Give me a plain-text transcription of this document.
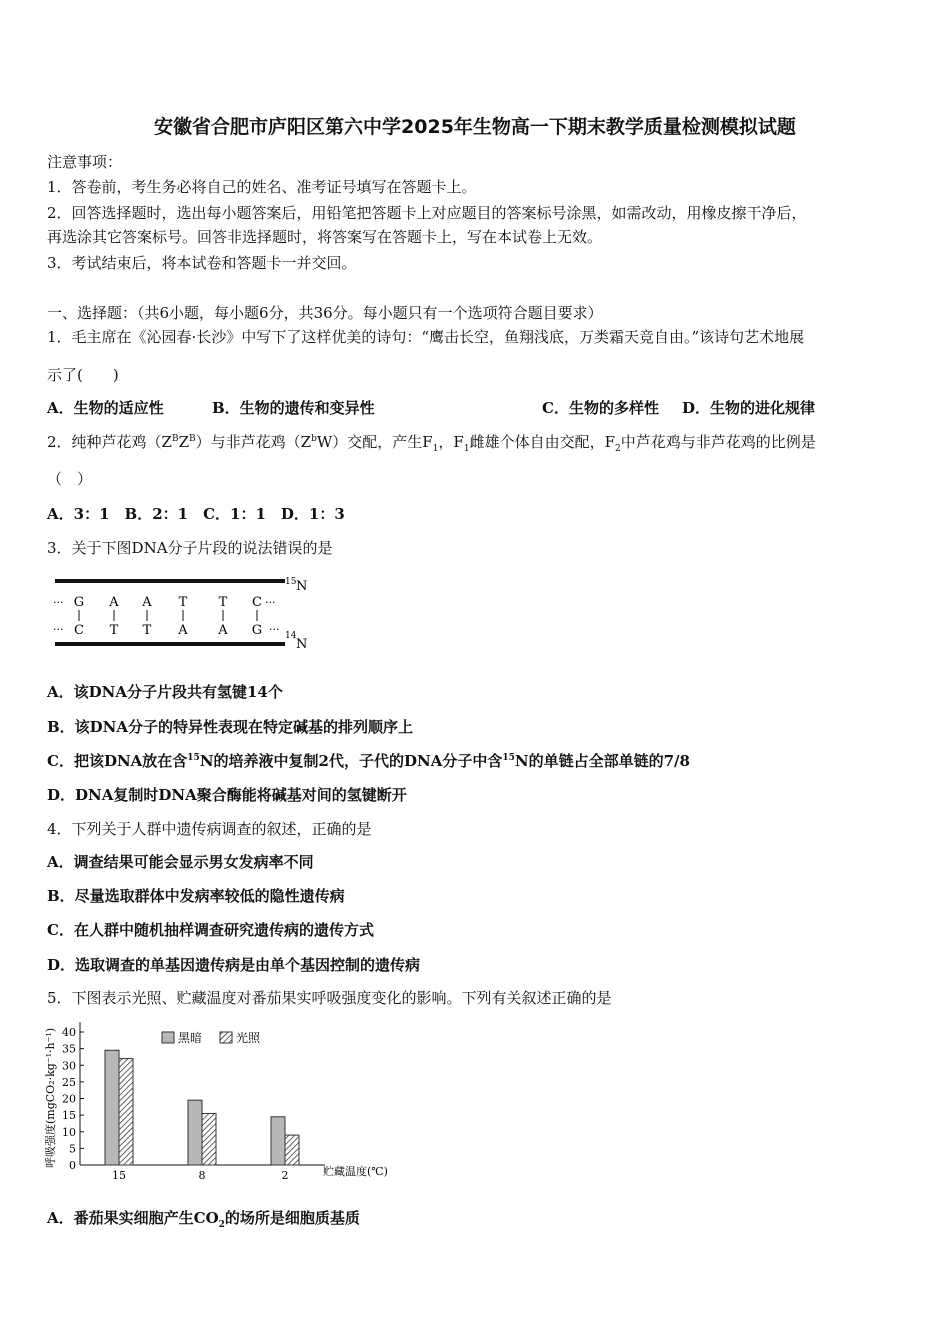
安徽省合肥市庐阳区第六中学2025年生物高一下期末教学质量检测模拟试题
注意事项：
1．答卷前，考生务必将自己的姓名、准考证号填写在答题卡上。
2．回答选择题时，选出每小题答案后，用铅笔把答题卡上对应题目的答案标号涂黑，如需改动，用橡皮擦干净后，
再选涂其它答案标号。回答非选择题时，将答案写在答题卡上，写在本试卷上无效。
3．考试结束后，将本试卷和答题卡一并交回。
一、选择题：（共6小题，每小题6分，共36分。每小题只有一个选项符合题目要求）
1．毛主席在《沁园春·长沙》中写下了这样优美的诗句：“鹰击长空，鱼翔浅底，万类霜天竞自由。”该诗句艺术地展
示了(　　)
A．生物的适应性	B．生物的遗传和变异性	C．生物的多样性 D．生物的进化规律
2．纯种芦花鸡$(Z^BZ^B)$与非芦花鸡$(Z^bW)$交配，产生$F_1$，$F_1$雌雄个体自由交配，$F_2$中芦花鸡与非芦花鸡的比例是
（　）
A．3：1　B．2：1　C．1：1　D．1：3
3．关于下图DNA分子片段的说法错误的是
15 N
14
N
···
···
···
···
G A A T T C
C T T A A G
A．该DNA分子片段共有氢键14个
B．该DNA分子的特异性表现在特定碱基的排列顺序上
C．把该DNA放在含$^{15}$N的培养液中复制2代，子代的DNA分子中含$^{15}$N的单链占全部单链的7/8
D．DNA复制时DNA聚合酶能将碱基对间的氢键断开
4．下列关于人群中遗传病调查的叙述，正确的是
A．调查结果可能会显示男女发病率不同
B．尽量选取群体中发病率较低的隐性遗传病
C．在人群中随机抽样调查研究遗传病的遗传方式
D．选取调查的单基因遗传病是由单个基因控制的遗传病
5．下图表示光照、贮藏温度对番茄果实呼吸强度变化的影响。下列有关叙述正确的是
呼吸强度(mgCO₂·kg⁻¹·h⁻¹) 0
5
10
15
20
25
30
35
40
15	8	2
黑暗	光照
贮藏温度(℃)
A．番茄果实细胞产生$CO_2$的场所是细胞质基质
